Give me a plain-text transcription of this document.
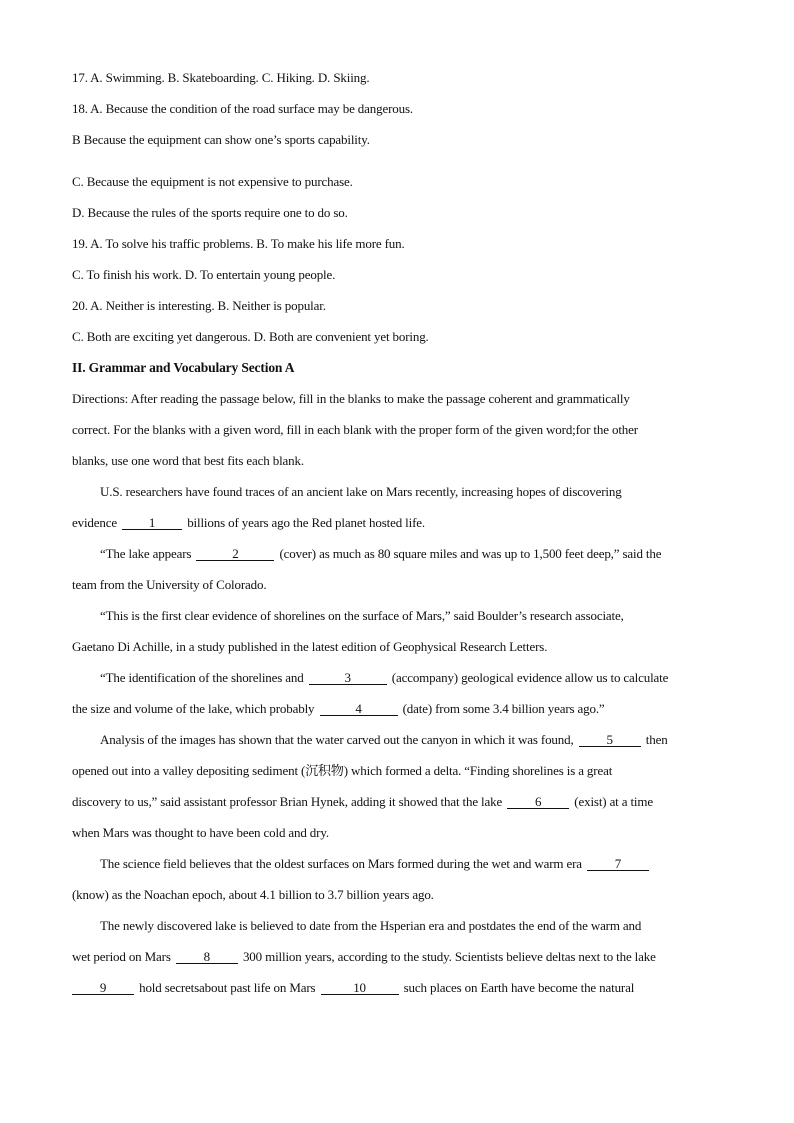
17. A. Swimming. B. Skateboarding. C. Hiking. D. Skiing.
18. A. Because the condition of the road surface may be dangerous.
B Because the equipment can show one’s sports capability.
C. Because the equipment is not expensive to purchase.
D. Because the rules of the sports require one to do so.
19. A. To solve his traffic problems. B. To make his life more fun.
C. To finish his work. D. To entertain young people.
20. A. Neither is interesting. B. Neither is popular.
C. Both are exciting yet dangerous. D. Both are convenient yet boring.
II. Grammar and Vocabulary Section A
Directions: After reading the passage below, fill in the blanks to make the passage coherent and grammatically
correct. For the blanks with a given word, fill in each blank with the proper form of the given word;for the other
blanks, use one word that best fits each blank.
U.S. researchers have found traces of an ancient lake on Mars recently, increasing hopes of discovering
evidence 1 billions of years ago the Red planet hosted life.
“The lake appears	2	(cover) as much as 80 square miles and was up to 1,500 feet deep,” said the
team from the University of Colorado.
“This is the first clear evidence of shorelines on the surface of Mars,” said Boulder’s research associate,
Gaetano Di Achille, in a study published in the latest edition of Geophysical Research Letters.
“The identification of the shorelines and	3	(accompany) geological evidence allow us to calculate
the size and volume of the lake, which probably	4	(date) from some 3.4 billion years ago.”
Analysis of the images has shown that the water carved out the canyon in which it was found, 5 then
opened out into a valley depositing sediment (沉积物) which formed a delta. “Finding shorelines is a great
discovery to us,” said assistant professor Brian Hynek, adding it showed that the lake 6 (exist) at a time
when Mars was thought to have been cold and dry.
The science field believes that the oldest surfaces on Mars formed during the wet and warm era 7
(know) as the Noachan epoch, about 4.1 billion to 3.7 billion years ago.
The newly discovered lake is believed to date from the Hsperian era and postdates the end of the warm and
wet period on Mars 8 300 million years, according to the study. Scientists believe deltas next to the lake
9 hold secretsabout past life on Mars	10	such places on Earth have become the natural
